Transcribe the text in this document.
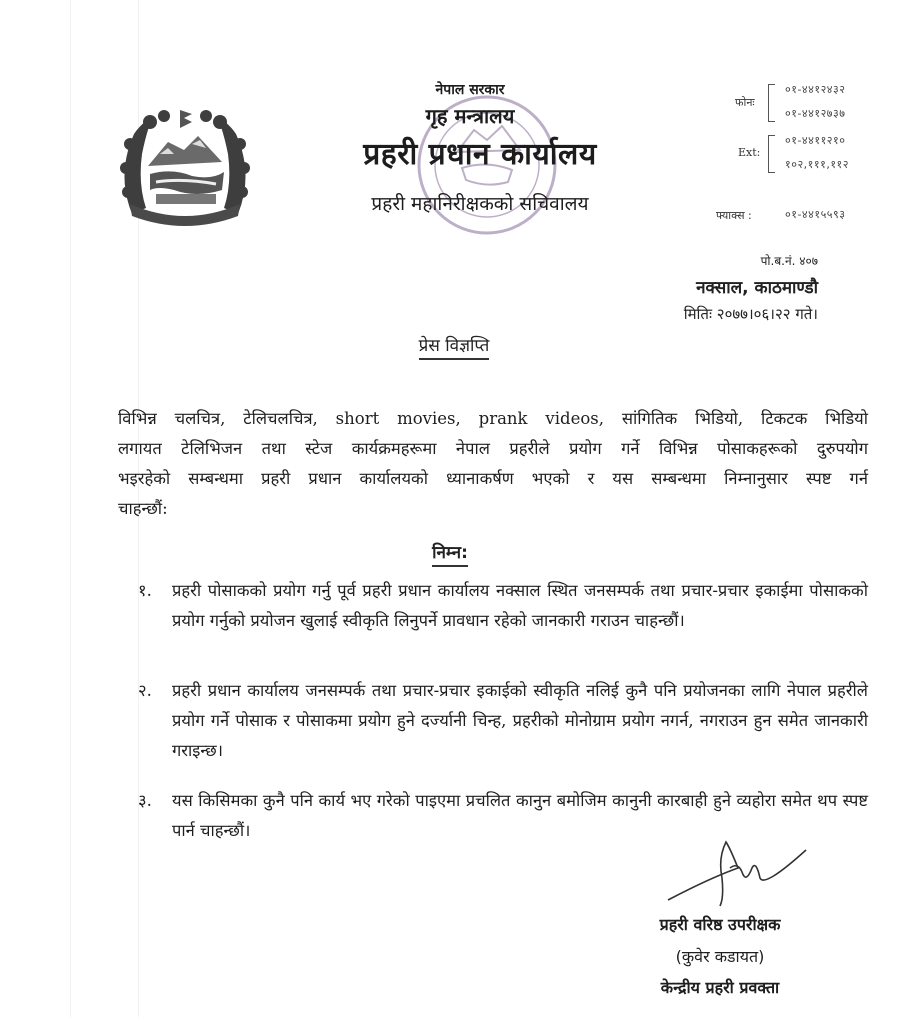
नेपाल सरकार
गृह मन्त्रालय
प्रहरी प्रधान कार्यालय
प्रहरी महानिरीक्षकको सचिवालय
फोनः
०१-४४१२४३२
०१-४४१२७३७
Ext:
०१-४४११२१०
१०२,१११,११२
फ्याक्स :	०१-४४१५५९३
पो.ब.नं. ४०७
नक्साल, काठमाण्डौ
मितिः २०७७।०६।२२ गते।
प्रेस विज्ञप्ति
विभिन्न चलचित्र, टेलिचलचित्र, short movies, prank videos, सांगितिक भिडियो, टिकटक भिडियो
लगायत टेलिभिजन तथा स्टेज कार्यक्रमहरूमा नेपाल प्रहरीले प्रयोग गर्ने विभिन्न पोसाकहरूको दुरुपयोग
भइरहेको सम्बन्धमा प्रहरी प्रधान कार्यालयको ध्यानाकर्षण भएको र यस सम्बन्धमा निम्नानुसार स्पष्ट गर्न
चाहन्छौं:
निम्न:
१. प्रहरी पोसाकको प्रयोग गर्नु पूर्व प्रहरी प्रधान कार्यालय नक्साल स्थित जनसम्पर्क तथा प्रचार-प्रचार इकाईमा पोसाकको प्रयोग गर्नुको प्रयोजन खुलाई स्वीकृति लिनुपर्ने प्रावधान रहेको जानकारी गराउन चाहन्छौं।
२. प्रहरी प्रधान कार्यालय जनसम्पर्क तथा प्रचार-प्रचार इकाईको स्वीकृति नलिई कुनै पनि प्रयोजनका लागि नेपाल प्रहरीले प्रयोग गर्ने पोसाक र पोसाकमा प्रयोग हुने दर्ज्यानी चिन्ह, प्रहरीको मोनोग्राम प्रयोग नगर्न, नगराउन हुन समेत जानकारी गराइन्छ।
३. यस किसिमका कुनै पनि कार्य भए गरेको पाइएमा प्रचलित कानुन बमोजिम कानुनी कारबाही हुने व्यहोरा समेत थप स्पष्ट पार्न चाहन्छौं।
प्रहरी वरिष्ठ उपरीक्षक
(कुवेर कडायत)
केन्द्रीय प्रहरी प्रवक्ता
